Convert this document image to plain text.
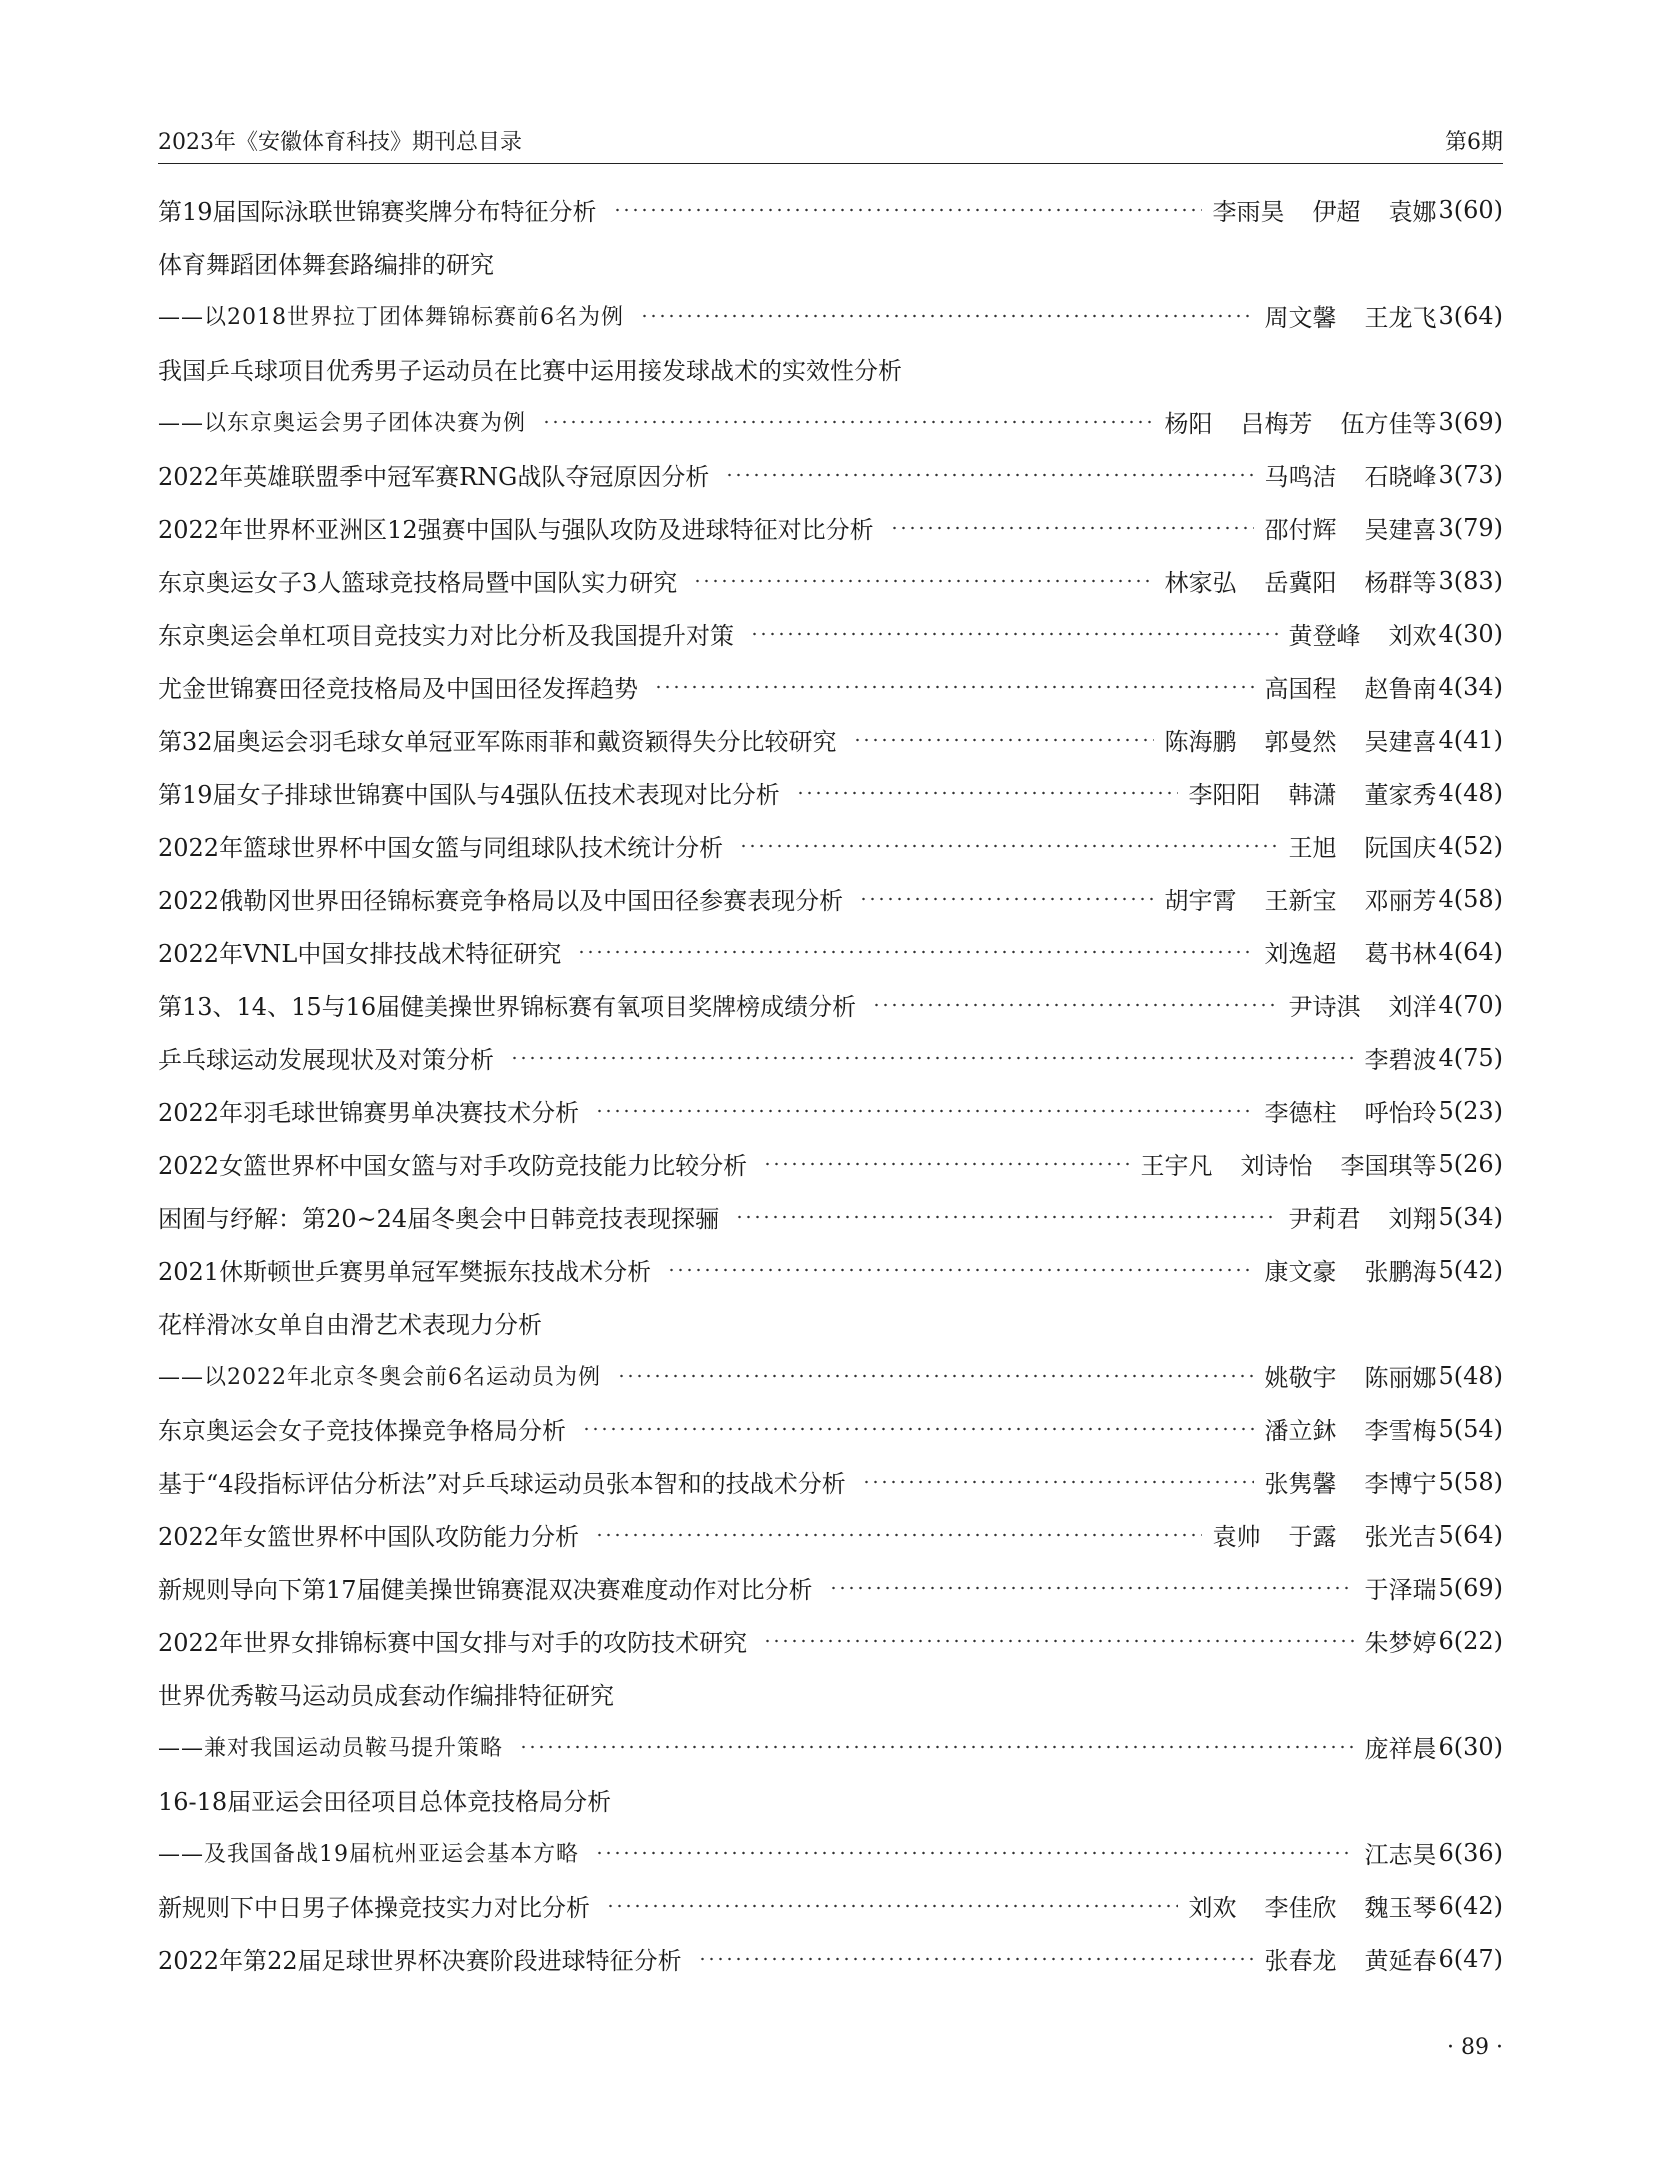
2023年《安徽体育科技》期刊总目录	第6期
第19届国际泳联世锦赛奖牌分布特征分析	李雨昊 伊超 袁娜 3(60)
体育舞蹈团体舞套路编排的研究
——以2018世界拉丁团体舞锦标赛前6名为例	周文馨 王龙飞 3(64)
我国乒乓球项目优秀男子运动员在比赛中运用接发球战术的实效性分析
——以东京奥运会男子团体决赛为例	杨阳 吕梅芳 伍方佳等 3(69)
2022年英雄联盟季中冠军赛RNG战队夺冠原因分析	马鸣洁 石晓峰 3(73)
2022年世界杯亚洲区12强赛中国队与强队攻防及进球特征对比分析	邵付辉 吴建喜 3(79)
东京奥运女子3人篮球竞技格局暨中国队实力研究	林家弘 岳冀阳 杨群等 3(83)
东京奥运会单杠项目竞技实力对比分析及我国提升对策	黄登峰 刘欢 4(30)
尤金世锦赛田径竞技格局及中国田径发挥趋势	高国程 赵鲁南 4(34)
第32届奥运会羽毛球女单冠亚军陈雨菲和戴资颖得失分比较研究	陈海鹏 郭曼然 吴建喜 4(41)
第19届女子排球世锦赛中国队与4强队伍技术表现对比分析	李阳阳 韩潇 董家秀 4(48)
2022年篮球世界杯中国女篮与同组球队技术统计分析	王旭 阮国庆 4(52)
2022俄勒冈世界田径锦标赛竞争格局以及中国田径参赛表现分析	胡宇霄 王新宝 邓丽芳 4(58)
2022年VNL中国女排技战术特征研究	刘逸超 葛书林 4(64)
第13、14、15与16届健美操世界锦标赛有氧项目奖牌榜成绩分析	尹诗淇 刘洋 4(70)
乒乓球运动发展现状及对策分析	李碧波 4(75)
2022年羽毛球世锦赛男单决赛技术分析	李德柱 呼怡玲 5(23)
2022女篮世界杯中国女篮与对手攻防竞技能力比较分析	王宇凡 刘诗怡 李国琪等 5(26)
困囿与纾解：第20~24届冬奥会中日韩竞技表现探骊	尹莉君 刘翔 5(34)
2021休斯顿世乒赛男单冠军樊振东技战术分析	康文豪 张鹏海 5(42)
花样滑冰女单自由滑艺术表现力分析
——以2022年北京冬奥会前6名运动员为例	姚敬宇 陈丽娜 5(48)
东京奥运会女子竞技体操竞争格局分析	潘立鈢 李雪梅 5(54)
基于“4段指标评估分析法”对乒乓球运动员张本智和的技战术分析	张隽馨 李博宁 5(58)
2022年女篮世界杯中国队攻防能力分析	袁帅 于露 张光吉 5(64)
新规则导向下第17届健美操世锦赛混双决赛难度动作对比分析	于泽瑞 5(69)
2022年世界女排锦标赛中国女排与对手的攻防技术研究	朱梦婷 6(22)
世界优秀鞍马运动员成套动作编排特征研究
——兼对我国运动员鞍马提升策略	庞祥晨 6(30)
16-18届亚运会田径项目总体竞技格局分析
——及我国备战19届杭州亚运会基本方略	江志昊 6(36)
新规则下中日男子体操竞技实力对比分析	刘欢 李佳欣 魏玉琴 6(42)
2022年第22届足球世界杯决赛阶段进球特征分析	张春龙 黄延春 6(47)
· 89 ·
